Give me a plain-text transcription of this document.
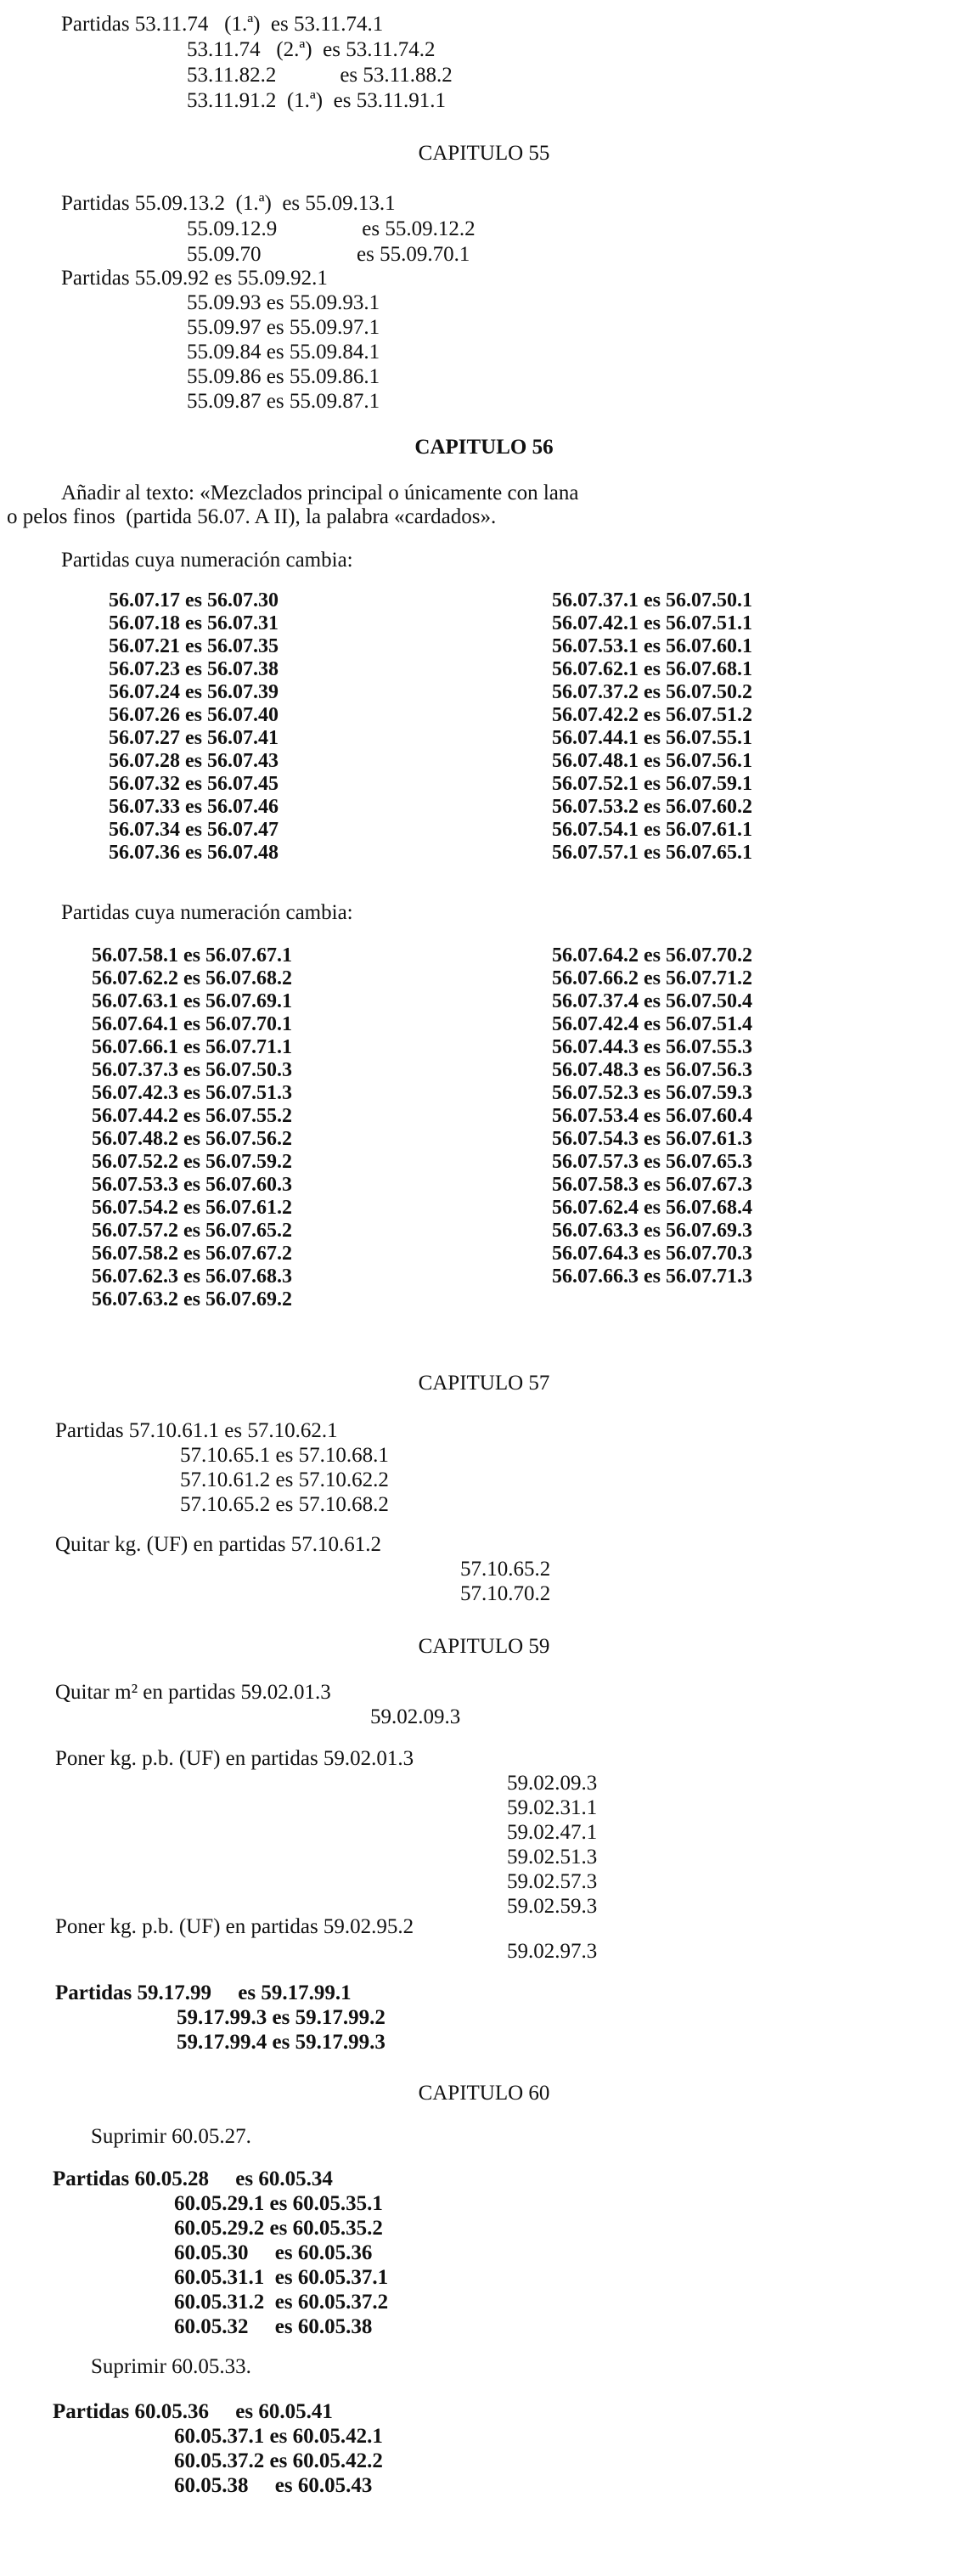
Partidas 53.11.74   (1.ª)  es 53.11.74.1
53.11.74   (2.ª)  es 53.11.74.2
53.11.82.2            es 53.11.88.2
53.11.91.2  (1.ª)  es 53.11.91.1
CAPITULO 55
Partidas 55.09.13.2  (1.ª)  es 55.09.13.1
55.09.12.9                es 55.09.12.2
55.09.70                  es 55.09.70.1
Partidas 55.09.92 es 55.09.92.1
55.09.93 es 55.09.93.1
55.09.97 es 55.09.97.1
55.09.84 es 55.09.84.1
55.09.86 es 55.09.86.1
55.09.87 es 55.09.87.1
CAPITULO 56
Añadir al texto: «Mezclados principal o únicamente con lana
o pelos finos  (partida 56.07. A II), la palabra «cardados».
Partidas cuya numeración cambia:
56.07.17 es 56.07.30
56.07.18 es 56.07.31
56.07.21 es 56.07.35
56.07.23 es 56.07.38
56.07.24 es 56.07.39
56.07.26 es 56.07.40
56.07.27 es 56.07.41
56.07.28 es 56.07.43
56.07.32 es 56.07.45
56.07.33 es 56.07.46
56.07.34 es 56.07.47
56.07.36 es 56.07.48
56.07.37.1 es 56.07.50.1
56.07.42.1 es 56.07.51.1
56.07.53.1 es 56.07.60.1
56.07.62.1 es 56.07.68.1
56.07.37.2 es 56.07.50.2
56.07.42.2 es 56.07.51.2
56.07.44.1 es 56.07.55.1
56.07.48.1 es 56.07.56.1
56.07.52.1 es 56.07.59.1
56.07.53.2 es 56.07.60.2
56.07.54.1 es 56.07.61.1
56.07.57.1 es 56.07.65.1
Partidas cuya numeración cambia:
56.07.58.1 es 56.07.67.1
56.07.62.2 es 56.07.68.2
56.07.63.1 es 56.07.69.1
56.07.64.1 es 56.07.70.1
56.07.66.1 es 56.07.71.1
56.07.37.3 es 56.07.50.3
56.07.42.3 es 56.07.51.3
56.07.44.2 es 56.07.55.2
56.07.48.2 es 56.07.56.2
56.07.52.2 es 56.07.59.2
56.07.53.3 es 56.07.60.3
56.07.54.2 es 56.07.61.2
56.07.57.2 es 56.07.65.2
56.07.58.2 es 56.07.67.2
56.07.62.3 es 56.07.68.3
56.07.63.2 es 56.07.69.2
56.07.64.2 es 56.07.70.2
56.07.66.2 es 56.07.71.2
56.07.37.4 es 56.07.50.4
56.07.42.4 es 56.07.51.4
56.07.44.3 es 56.07.55.3
56.07.48.3 es 56.07.56.3
56.07.52.3 es 56.07.59.3
56.07.53.4 es 56.07.60.4
56.07.54.3 es 56.07.61.3
56.07.57.3 es 56.07.65.3
56.07.58.3 es 56.07.67.3
56.07.62.4 es 56.07.68.4
56.07.63.3 es 56.07.69.3
56.07.64.3 es 56.07.70.3
56.07.66.3 es 56.07.71.3
CAPITULO 57
Partidas 57.10.61.1 es 57.10.62.1
57.10.65.1 es 57.10.68.1
57.10.61.2 es 57.10.62.2
57.10.65.2 es 57.10.68.2
Quitar kg. (UF) en partidas 57.10.61.2
57.10.65.2
57.10.70.2
CAPITULO 59
Quitar m² en partidas 59.02.01.3
59.02.09.3
Poner kg. p.b. (UF) en partidas 59.02.01.3
59.02.09.3
59.02.31.1
59.02.47.1
59.02.51.3
59.02.57.3
59.02.59.3
Poner kg. p.b. (UF) en partidas 59.02.95.2
59.02.97.3
Partidas 59.17.99     es 59.17.99.1
59.17.99.3 es 59.17.99.2
59.17.99.4 es 59.17.99.3
CAPITULO 60
Suprimir 60.05.27.
Partidas 60.05.28     es 60.05.34
60.05.29.1 es 60.05.35.1
60.05.29.2 es 60.05.35.2
60.05.30     es 60.05.36
60.05.31.1  es 60.05.37.1
60.05.31.2  es 60.05.37.2
60.05.32     es 60.05.38
Suprimir 60.05.33.
Partidas 60.05.36     es 60.05.41
60.05.37.1 es 60.05.42.1
60.05.37.2 es 60.05.42.2
60.05.38     es 60.05.43
